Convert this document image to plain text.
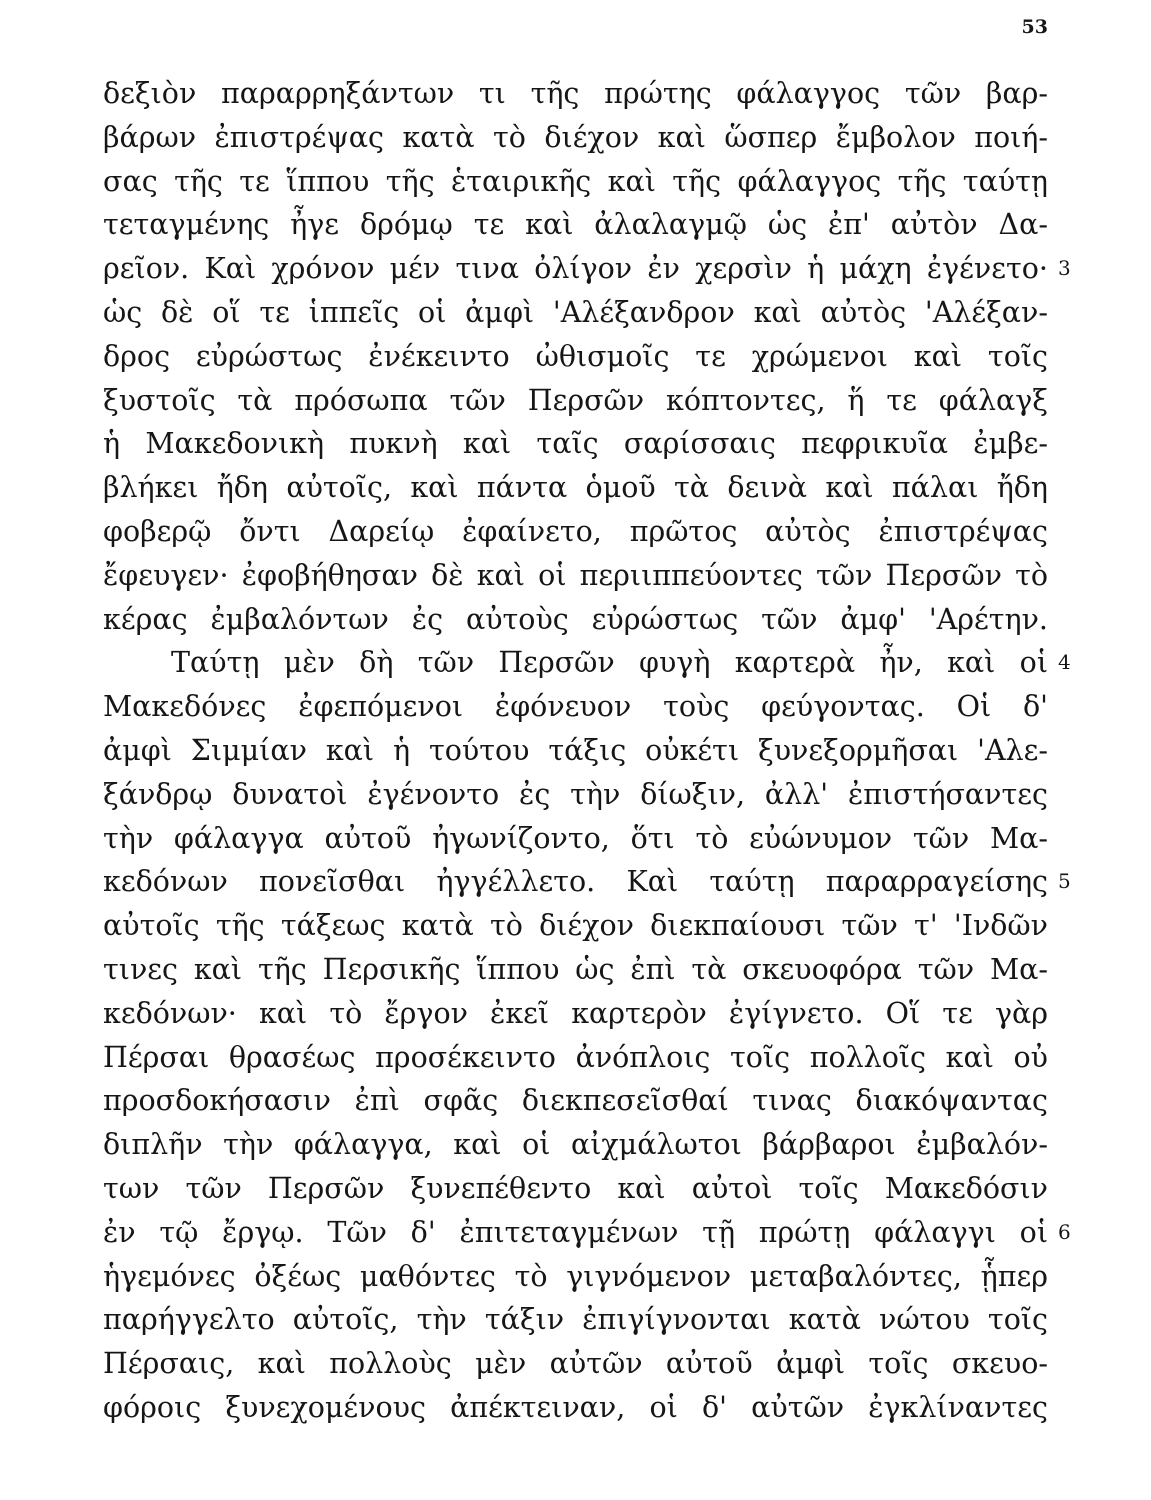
53
δεξιὸν παραρρηξάντων τι τῆς πρώτης φάλαγγος τῶν βαρ-
βάρων ἐπιστρέψας κατὰ τὸ διέχον καὶ ὥσπερ ἔμβολον ποιή-
σας τῆς τε ἵππου τῆς ἑταιρικῆς καὶ τῆς φάλαγγος τῆς ταύτῃ
τεταγμένης ἦγε δρόμῳ τε καὶ ἀλαλαγμῷ ὡς ἐπ' αὐτὸν Δα-
ρεῖον. Καὶ χρόνον μέν τινα ὀλίγον ἐν χερσὶν ἡ μάχη ἐγένετο· 3
ὡς δὲ οἵ τε ἱππεῖς οἱ ἀμφὶ 'Αλέξανδρον καὶ αὐτὸς 'Αλέξαν-
δρος εὐρώστως ἐνέκειντο ὠθισμοῖς τε χρώμενοι καὶ τοῖς
ξυστοῖς τὰ πρόσωπα τῶν Περσῶν κόπτοντες, ἥ τε φάλαγξ
ἡ Μακεδονικὴ πυκνὴ καὶ ταῖς σαρίσσαις πεφρικυῖα ἐμβε-
βλήκει ἤδη αὐτοῖς, καὶ πάντα ὁμοῦ τὰ δεινὰ καὶ πάλαι ἤδη
φοβερῷ ὄντι Δαρείῳ ἐφαίνετο, πρῶτος αὐτὸς ἐπιστρέψας
ἔφευγεν· ἐφοβήθησαν δὲ καὶ οἱ περιιππεύοντες τῶν Περσῶν τὸ
κέρας ἐμβαλόντων ἐς αὐτοὺς εὐρώστως τῶν ἀμφ' 'Αρέτην.
Ταύτῃ μὲν δὴ τῶν Περσῶν φυγὴ καρτερὰ ἦν, καὶ οἱ 4
Μακεδόνες ἐφεπόμενοι ἐφόνευον τοὺς φεύγοντας. Οἱ δ'
ἀμφὶ Σιμμίαν καὶ ἡ τούτου τάξις οὐκέτι ξυνεξορμῆσαι 'Αλε-
ξάνδρῳ δυνατοὶ ἐγένοντο ἐς τὴν δίωξιν, ἀλλ' ἐπιστήσαντες
τὴν φάλαγγα αὐτοῦ ἠγωνίζοντο, ὅτι τὸ εὐώνυμον τῶν Μα-
κεδόνων πονεῖσθαι ἠγγέλλετο. Καὶ ταύτῃ παραρραγείσης 5
αὐτοῖς τῆς τάξεως κατὰ τὸ διέχον διεκπαίουσι τῶν τ' 'Ινδῶν
τινες καὶ τῆς Περσικῆς ἵππου ὡς ἐπὶ τὰ σκευοφόρα τῶν Μα-
κεδόνων· καὶ τὸ ἔργον ἐκεῖ καρτερὸν ἐγίγνετο. Οἵ τε γὰρ
Πέρσαι θρασέως προσέκειντο ἀνόπλοις τοῖς πολλοῖς καὶ οὐ
προσδοκήσασιν ἐπὶ σφᾶς διεκπεσεῖσθαί τινας διακόψαντας
διπλῆν τὴν φάλαγγα, καὶ οἱ αἰχμάλωτοι βάρβαροι ἐμβαλόν-
των τῶν Περσῶν ξυνεπέθεντο καὶ αὐτοὶ τοῖς Μακεδόσιν
ἐν τῷ ἔργῳ. Τῶν δ' ἐπιτεταγμένων τῇ πρώτῃ φάλαγγι οἱ 6
ἡγεμόνες ὀξέως μαθόντες τὸ γιγνόμενον μεταβαλόντες, ᾗπερ
παρήγγελτο αὐτοῖς, τὴν τάξιν ἐπιγίγνονται κατὰ νώτου τοῖς
Πέρσαις, καὶ πολλοὺς μὲν αὐτῶν αὐτοῦ ἀμφὶ τοῖς σκευο-
φόροις ξυνεχομένους ἀπέκτειναν, οἱ δ' αὐτῶν ἐγκλίναντες
